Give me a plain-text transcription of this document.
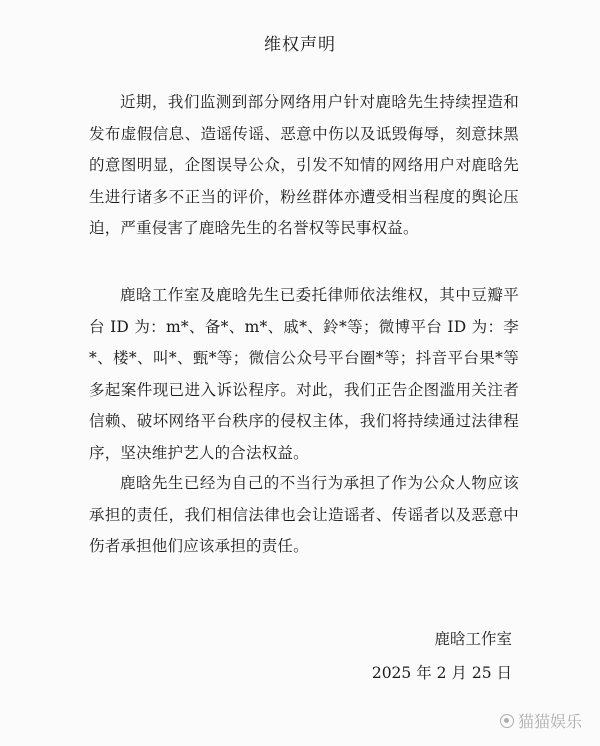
维权声明

近期，我们监测到部分网络用户针对鹿晗先生持续捏造和发布虚假信息、造谣传谣、恶意中伤以及诋毁侮辱，刻意抹黑的意图明显，企图误导公众，引发不知情的网络用户对鹿晗先生进行诸多不正当的评价，粉丝群体亦遭受相当程度的舆论压迫，严重侵害了鹿晗先生的名誉权等民事权益。

鹿晗工作室及鹿晗先生已委托律师依法维权，其中豆瓣平台 ID 为：m*、备*、m*、戚*、鈴*等；微博平台 ID 为：李*、楼*、叫*、甄*等；微信公众号平台圈*等；抖音平台果*等多起案件现已进入诉讼程序。对此，我们正告企图滥用关注者信赖、破坏网络平台秩序的侵权主体，我们将持续通过法律程序，坚决维护艺人的合法权益。

鹿晗先生已经为自己的不当行为承担了作为公众人物应该承担的责任，我们相信法律也会让造谣者、传谣者以及恶意中伤者承担他们应该承担的责任。

鹿晗工作室
2025 年 2 月 25 日
猫猫娱乐
